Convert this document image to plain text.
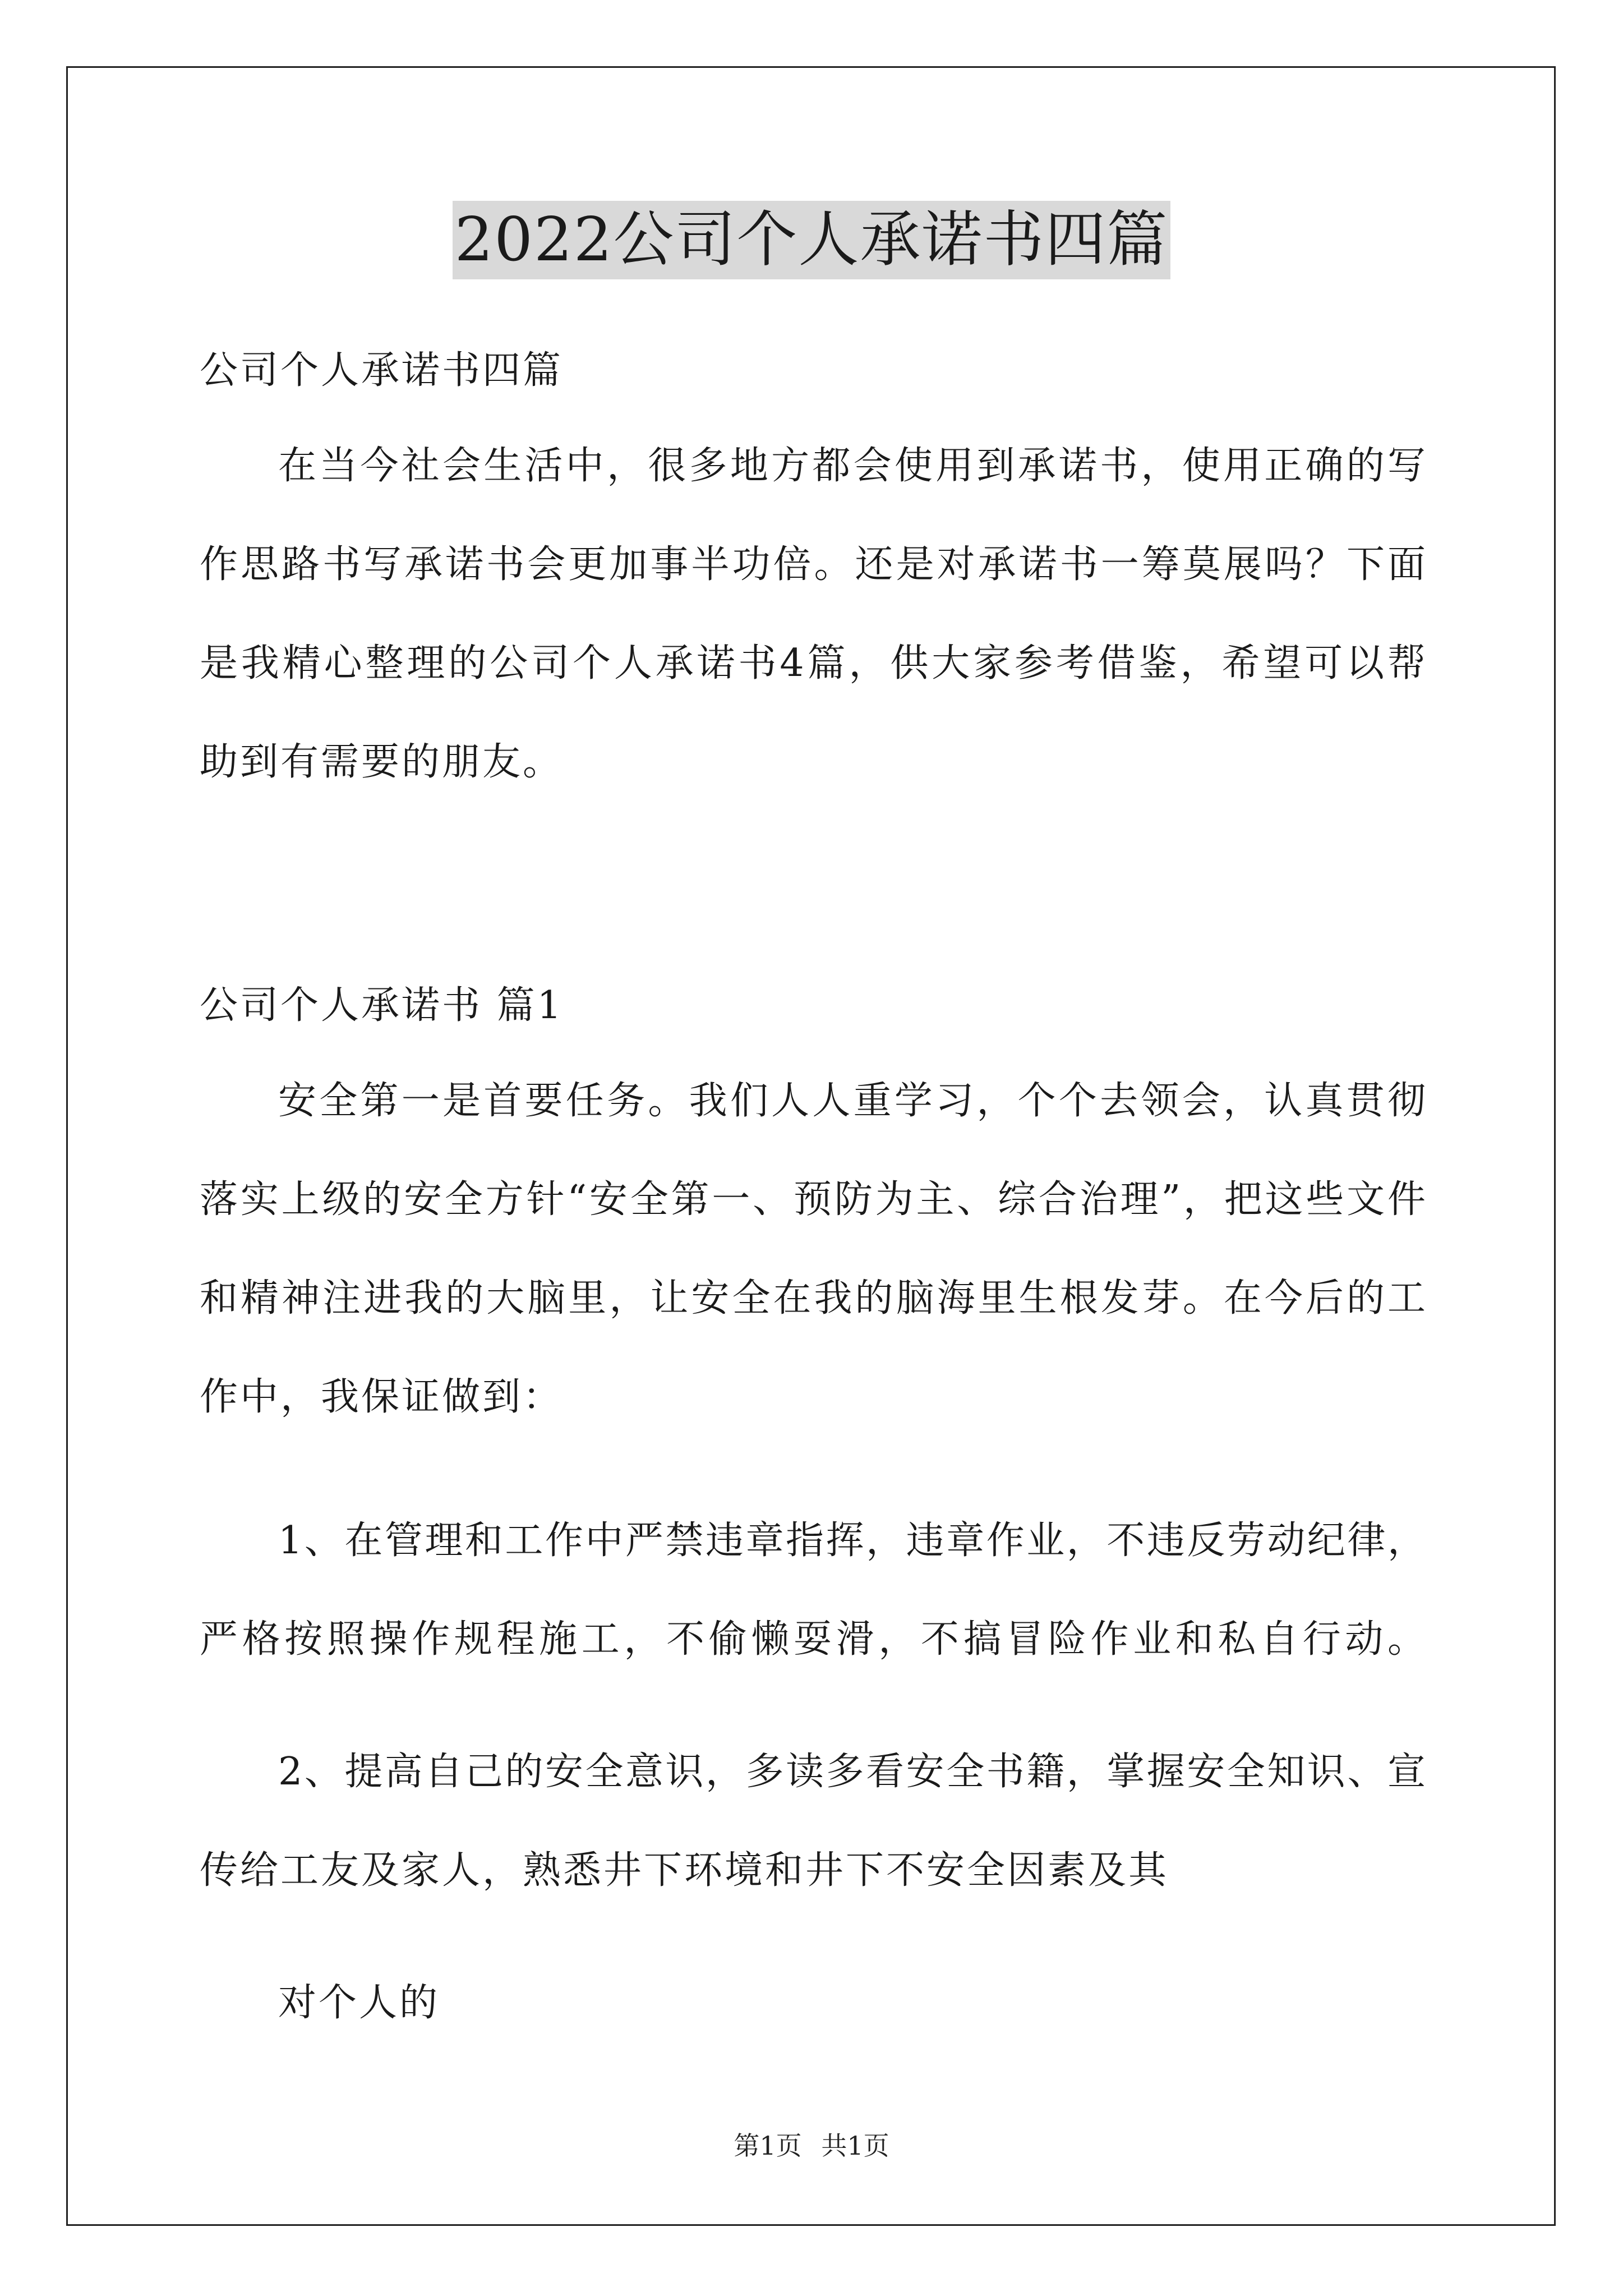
2022公司个人承诺书四篇
公司个人承诺书四篇
在当今社会生活中，很多地方都会使用到承诺书，使用正确的写
作思路书写承诺书会更加事半功倍。还是对承诺书一筹莫展吗？下面
是我精心整理的公司个人承诺书4篇，供大家参考借鉴，希望可以帮
助到有需要的朋友。
公司个人承诺书 篇1
安全第一是首要任务。我们人人重学习，个个去领会，认真贯彻
落实上级的安全方针“安全第一、预防为主、综合治理”，把这些文件
和精神注进我的大脑里，让安全在我的脑海里生根发芽。在今后的工
作中，我保证做到：
1、在管理和工作中严禁违章指挥，违章作业，不违反劳动纪律，
严格按照操作规程施工，不偷懒耍滑，不搞冒险作业和私自行动。
2、提高自己的安全意识，多读多看安全书籍，掌握安全知识、宣
传给工友及家人，熟悉井下环境和井下不安全因素及其
对个人的
第1页 共1页
